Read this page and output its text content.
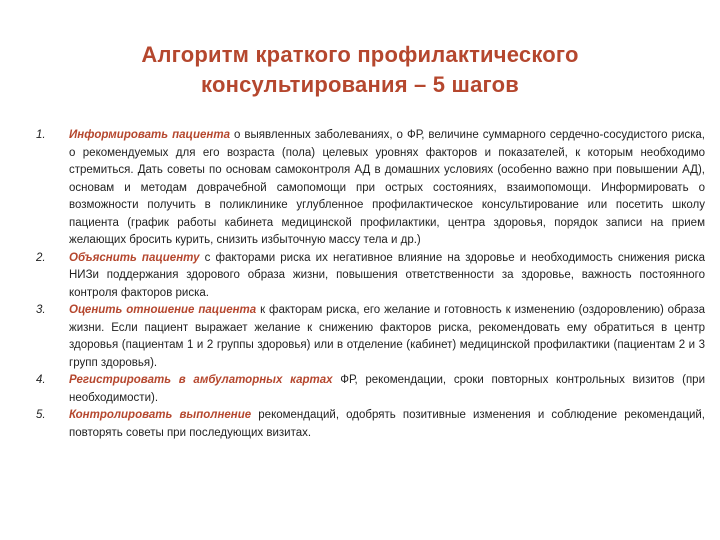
Алгоритм краткого профилактического
консультирования – 5 шагов
1.	Информировать пациента о выявленных заболеваниях, о ФР, величине суммарного сердечно-сосудистого риска, о рекомендуемых для его возраста (пола) целевых уровнях факторов и показателей, к которым необходимо стремиться. Дать советы по основам самоконтроля АД в домашних условиях (особенно важно при повышении АД), основам и методам доврачебной самопомощи при острых состояниях, взаимопомощи. Информировать о возможности получить в поликлинике углубленное профилактическое консультирование или посетить школу пациента (график работы кабинета медицинской профилактики, центра здоровья, порядок записи на прием желающих бросить курить, снизить избыточную массу тела и др.)
2.	Объяснить пациенту с факторами риска их негативное влияние на здоровье и необходимость снижения риска НИЗи поддержания здорового образа жизни, повышения ответственности за здоровье, важность постоянного контроля факторов риска.
3.	Оценить отношение пациента к факторам риска, его желание и готовность к изменению (оздоровлению) образа жизни. Если пациент выражает желание к снижению факторов риска, рекомендовать ему обратиться в центр здоровья (пациентам 1 и 2 группы здоровья) или в отделение (кабинет) медицинской профилактики (пациентам 2 и 3 групп здоровья).
4.	Регистрировать в амбулаторных картах ФР, рекомендации, сроки повторных контрольных визитов (при необходимости).
5.	Контролировать выполнение рекомендаций, одобрять позитивные изменения и соблюдение рекомендаций, повторять советы при последующих визитах.
